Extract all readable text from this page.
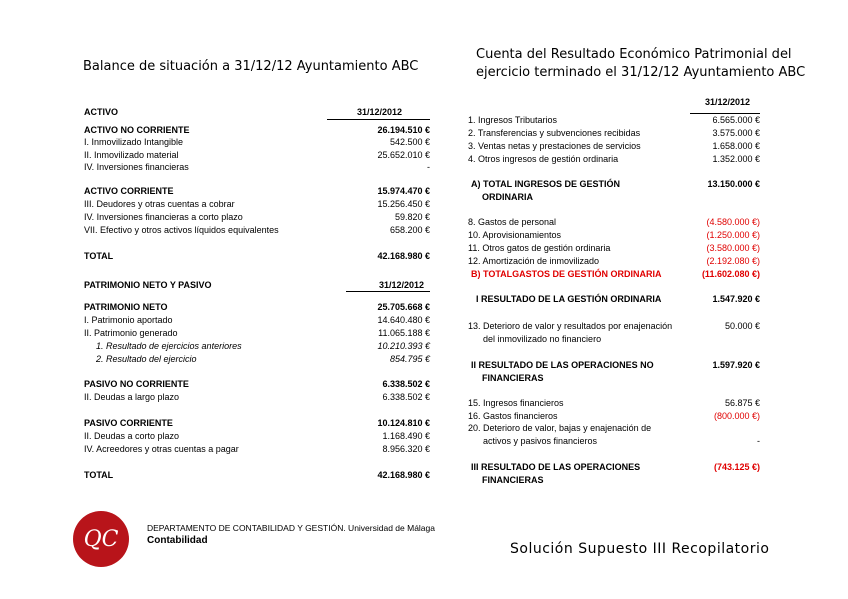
Balance de situación a 31/12/12 Ayuntamiento ABC
ACTIVO	31/12/2012
ACTIVO NO CORRIENTE	26.194.510 €
I. Inmovilizado Intangible	542.500 €
II. Inmovilizado material	25.652.010 €
IV. Inversiones financieras	-
ACTIVO CORRIENTE	15.974.470 €
III. Deudores y otras cuentas a cobrar	15.256.450 €
IV. Inversiones financieras a corto plazo	59.820 €
VII. Efectivo y otros activos líquidos equivalentes	658.200 €
TOTAL	42.168.980 €
PATRIMONIO NETO Y PASIVO	31/12/2012
PATRIMONIO NETO	25.705.668 €
I. Patrimonio aportado	14.640.480 €
II. Patrimonio generado	11.065.188 €
1. Resultado de ejercicios anteriores	10.210.393 €
2. Resultado del ejercicio	854.795 €
PASIVO NO CORRIENTE	6.338.502 €
II. Deudas a largo plazo	6.338.502 €
PASIVO CORRIENTE	10.124.810 €
II. Deudas a corto plazo	1.168.490 €
IV. Acreedores y otras cuentas a pagar	8.956.320 €
TOTAL	42.168.980 €
Cuenta del Resultado Económico Patrimonial del
ejercicio terminado el 31/12/12 Ayuntamiento ABC
31/12/2012
1. Ingresos Tributarios	6.565.000 €
2. Transferencias y subvenciones recibidas	3.575.000 €
3. Ventas netas y prestaciones de servicios	1.658.000 €
4. Otros ingresos de gestión ordinaria	1.352.000 €
A) TOTAL INGRESOS DE GESTIÓN	13.150.000 €
ORDINARIA
8. Gastos de personal	(4.580.000 €)
10. Aprovisionamientos	(1.250.000 €)
11. Otros gatos de gestión ordinaria	(3.580.000 €)
12. Amortización de inmovilizado	(2.192.080 €)
B) TOTALGASTOS DE GESTIÓN ORDINARIA	(11.602.080 €)
I RESULTADO DE LA GESTIÓN ORDINARIA	1.547.920 €
13. Deterioro de valor y resultados por enajenación	50.000 €
del inmovilizado no financiero
II RESULTADO DE LAS OPERACIONES NO	1.597.920 €
FINANCIERAS
15. Ingresos financieros	56.875 €
16. Gastos financieros	(800.000 €)
20. Deterioro de valor, bajas y enajenación de
activos y pasivos financieros	-
III RESULTADO DE LAS OPERACIONES	(743.125 €)
FINANCIERAS
QC	DEPARTAMENTO DE CONTABILIDAD Y GESTIÓN. Universidad de Málaga
Contabilidad
Solución Supuesto III Recopilatorio
